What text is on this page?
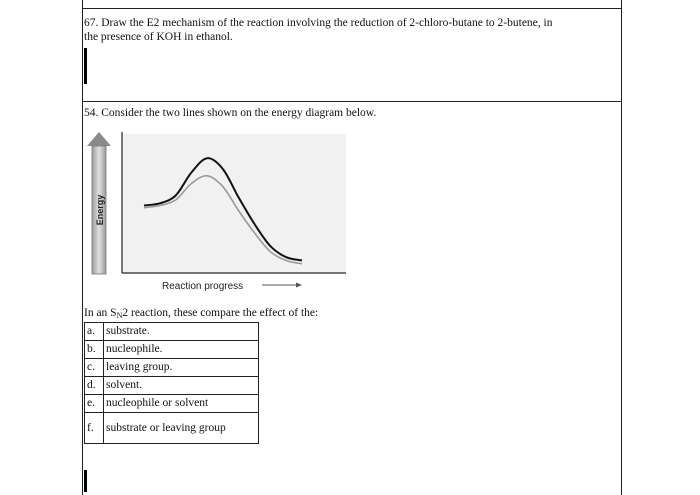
67. Draw the E2 mechanism of the reaction involving the reduction of 2-chloro-butane to 2-butene, in
the presence of KOH in ethanol.
54. Consider the two lines shown on the energy diagram below.
Energy
Reaction progress
In an $S_N2$ reaction, these compare the effect of the:
a.	substrate.
b.	nucleophile.
c.	leaving group.
d.	solvent.
e.	nucleophile or solvent
f.	substrate or leaving group
